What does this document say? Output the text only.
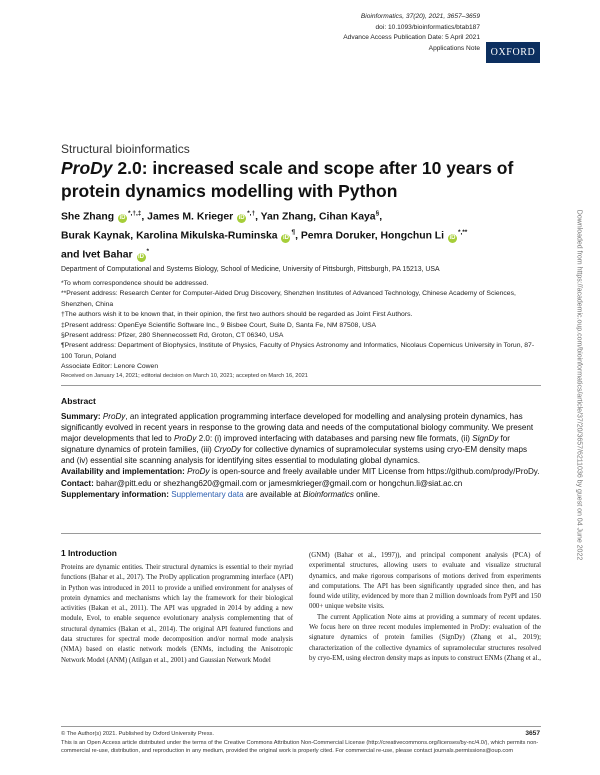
Bioinformatics, 37(20), 2021, 3657–3659
doi: 10.1093/bioinformatics/btab187
Advance Access Publication Date: 5 April 2021
Applications Note OXFORD
Structural bioinformatics
ProDy 2.0: increased scale and scope after 10 years of protein dynamics modelling with Python
She Zhang iD*,†,‡, James M. Krieger iD*,†, Yan Zhang, Cihan Kaya§,
Burak Kaynak, Karolina Mikulska-Ruminska iD¶, Pemra Doruker, Hongchun Li iD*,**
and Ivet Bahar iD*
Department of Computational and Systems Biology, School of Medicine, University of Pittsburgh, Pittsburgh, PA 15213, USA
*To whom correspondence should be addressed.
**Present address: Research Center for Computer-Aided Drug Discovery, Shenzhen Institutes of Advanced Technology, Chinese Academy of Sciences, Shenzhen, China
†The authors wish it to be known that, in their opinion, the first two authors should be regarded as Joint First Authors.
‡Present address: OpenEye Scientific Software Inc., 9 Bisbee Court, Suite D, Santa Fe, NM 87508, USA
§Present address: Pfizer, 280 Shennecossett Rd, Groton, CT 06340, USA
¶Present address: Department of Biophysics, Institute of Physics, Faculty of Physics Astronomy and Informatics, Nicolaus Copernicus University in Torun, 87-100 Torun, Poland
Associate Editor: Lenore Cowen
Received on January 14, 2021; editorial decision on March 10, 2021; accepted on March 16, 2021
Abstract

Summary: ProDy, an integrated application programming interface developed for modelling and analysing protein dynamics, has significantly evolved in recent years in response to the growing data and needs of the computational biology community. We present major developments that led to ProDy 2.0: (i) improved interfacing with databases and parsing new file formats, (ii) SignDy for signature dynamics of protein families, (iii) CryoDy for collective dynamics of supramolecular systems using cryo-EM density maps and (iv) essential site scanning analysis for identifying sites essential to modulating global dynamics.

Availability and implementation: ProDy is open-source and freely available under MIT License from https://github.com/prody/ProDy.

Contact: bahar@pitt.edu or shezhang620@gmail.com or jamesmkrieger@gmail.com or hongchun.li@siat.ac.cn

Supplementary information: Supplementary data are available at Bioinformatics online.

1 Introduction

Proteins are dynamic entities. Their structural dynamics is essential to their myriad functions (Bahar et al., 2017). The ProDy application programming interface (API) in Python was introduced in 2011 to provide a unified environment for analyses of protein dynamics and mechanisms which lay the framework for their biological activities (Bakan et al., 2011). The API was upgraded in 2014 by adding a new module, Evol, to enable sequence evolutionary analysis complementing that of structural dynamics (Bakan et al., 2014). The original API featured functions and data structures for spectral mode decomposition and/or normal mode analysis (NMA) based on elastic network models (ENMs, including the Anisotropic Network Model (ANM) (Atilgan et al., 2001) and Gaussian Network Model

(GNM) (Bahar et al., 1997)), and principal component analysis (PCA) of experimental structures, allowing users to evaluate and visualize structural dynamics, and make rigorous comparisons of motions derived from experiments and computations. The API has been significantly upgraded since then, and has found wide utility, evidenced by more than 2 million downloads from PyPI and 150 000+ unique website visits.

The current Application Note aims at providing a summary of recent updates. We focus here on three recent modules implemented in ProDy: evaluation of the signature dynamics of protein families (SignDy) (Zhang et al., 2019); characterization of the collective dynamics of supramolecular structures resolved by cryo-EM, using electron density maps as inputs to construct ENMs (Zhang et al.,

© The Author(s) 2021. Published by Oxford University Press.	3657
This is an Open Access article distributed under the terms of the Creative Commons Attribution Non-Commercial License (http://creativecommons.org/licenses/by-nc/4.0/), which permits non-commercial re-use, distribution, and reproduction in any medium, provided the original work is properly cited. For commercial re-use, please contact journals.permissions@oup.com
Downloaded from https://academic.oup.com/bioinformatics/article/37/20/3657/6211036 by guest on 04 June 2022
